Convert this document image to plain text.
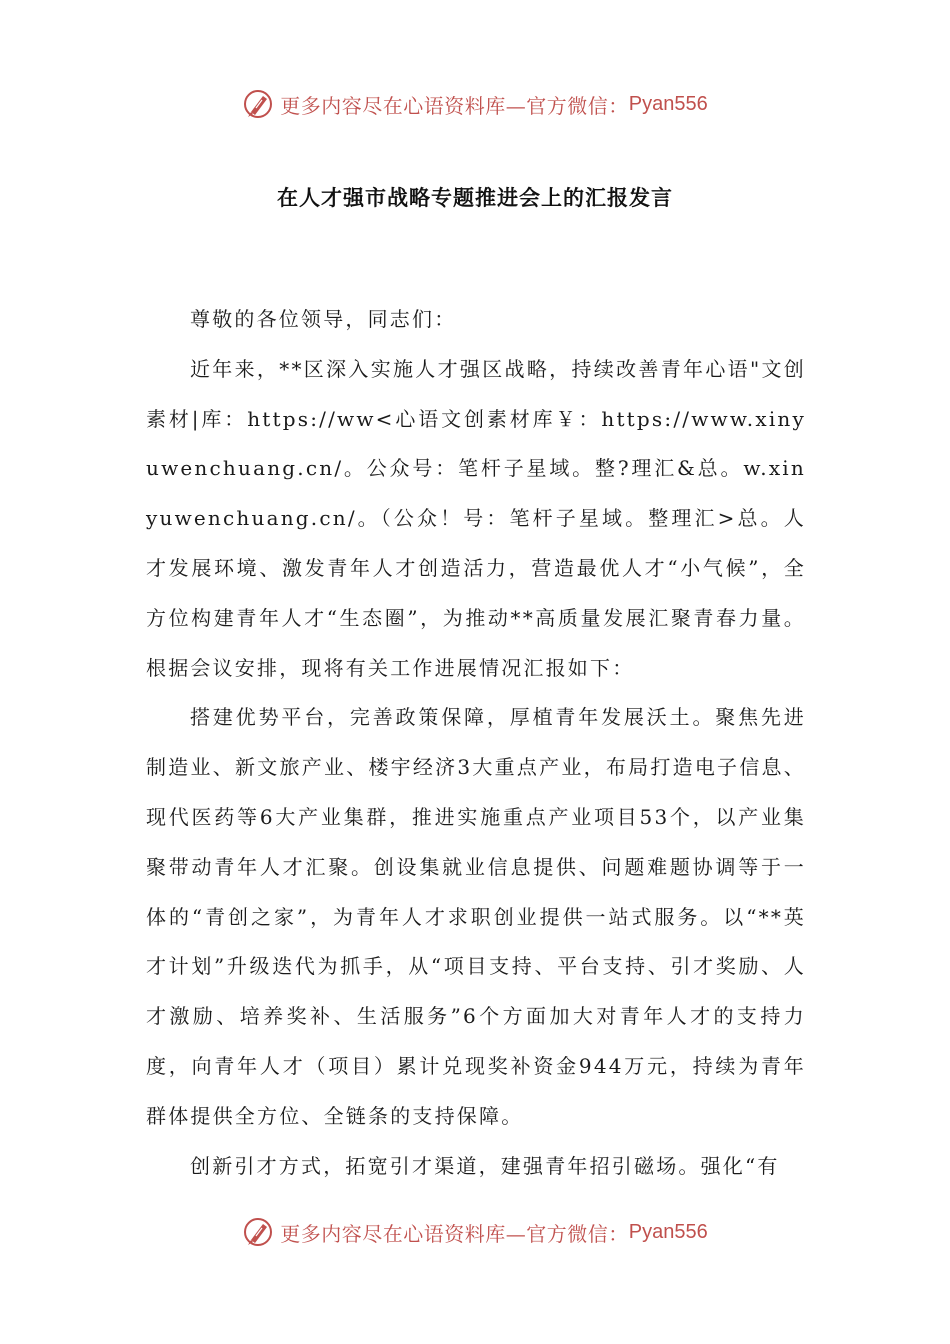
更多内容尽在心语资料库—官方微信： Pyan556
在人才强市战略专题推进会上的汇报发言

尊敬的各位领导，同志们：

近年来，**区深入实施人才强区战略，持续改善青年心语"文创素材|库：https://ww<心语文创素材库￥：https://www.xinyuwenchuang.cn/。公众号：笔杆子星域。整?理汇&总。w.xinyuwenchuang.cn/。（公众！号：笔杆子星域。整理汇>总。人才发展环境、激发青年人才创造活力，营造最优人才“小气候”，全方位构建青年人才“生态圈”，为推动**高质量发展汇聚青春力量。根据会议安排，现将有关工作进展情况汇报如下：

搭建优势平台，完善政策保障，厚植青年发展沃土。聚焦先进制造业、新文旅产业、楼宇经济3大重点产业，布局打造电子信息、现代医药等6大产业集群，推进实施重点产业项目53个，以产业集聚带动青年人才汇聚。创设集就业信息提供、问题难题协调等于一体的“青创之家”，为青年人才求职创业提供一站式服务。以“**英才计划”升级迭代为抓手，从“项目支持、平台支持、引才奖励、人才激励、培养奖补、生活服务”6个方面加大对青年人才的支持力度，向青年人才（项目）累计兑现奖补资金944万元，持续为青年群体提供全方位、全链条的支持保障。

创新引才方式，拓宽引才渠道，建强青年招引磁场。强化“有

更多内容尽在心语资料库—官方微信： Pyan556
